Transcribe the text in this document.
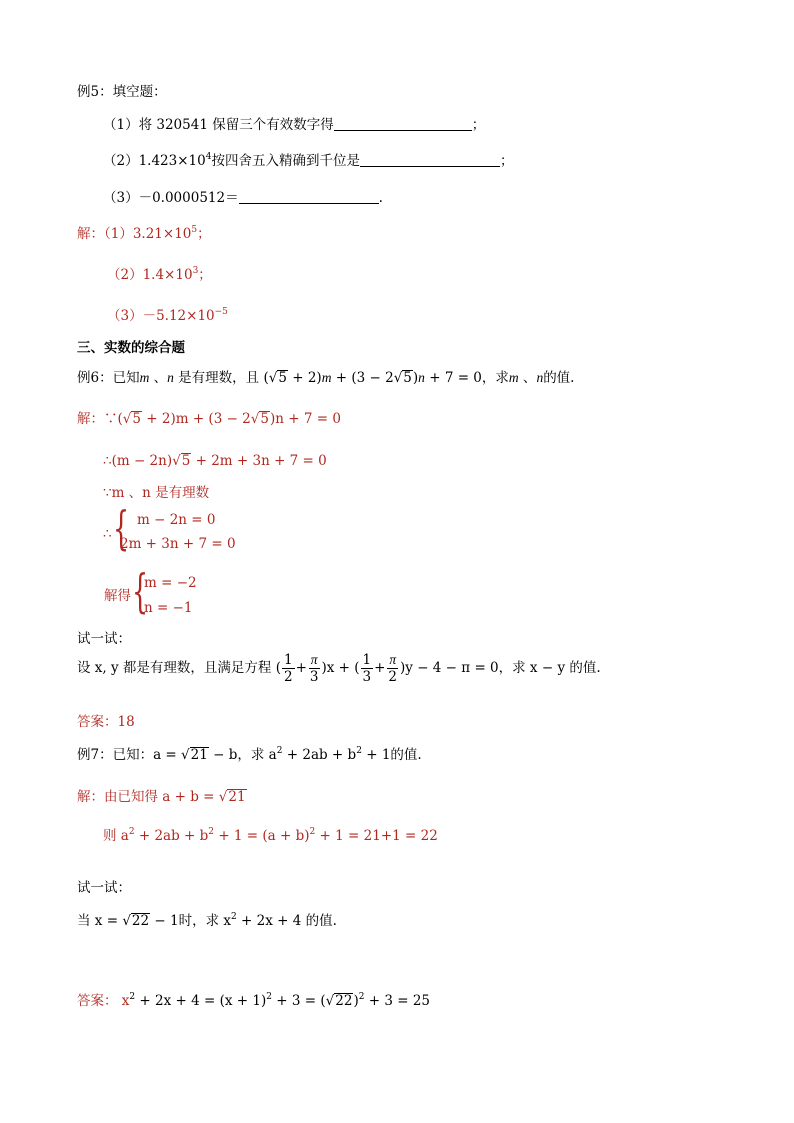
例5：填空题：
（1）将 320541 保留三个有效数字得	；
$(2)1.423\times 10^4$按四舍五入精确到千位是	；
（3）－0.0000512＝	.
解：$(1)3.21\times 10^5$；
$(2)1.4\times 10^3$；
$(3)-5.12\times 10^{-5}$
三、实数的综合题
例6：已知m 、n 是有理数，且 (√5 + 2)m + (3 − 2√5)n + 7 = 0，求m 、n的值.
解：∵(√5 + 2)m + (3 − 2√5)n + 7 = 0
∴(m − 2n)√5 + 2m + 3n + 7 = 0
∵m 、n 是有理数
∴ { m − 2n = 0
2m + 3n + 7 = 0
解得 {
m = −2
n = −1
试一试：
设 x, y 都是有理数，且满足方程 ( $\frac{1}{2} + \frac{\pi}{3} )x$ + ( $\frac{1}{3} + \frac{\pi}{2} )y - 4 - \pi = 0$，求 x − y 的值.
答案：18
例7：已知：a = √21 − b，求 $a^2 + 2ab + b^2 + 1$的值.
解：由已知得 a + b = √21
则 $a^2 + 2ab + b^2 + 1 = (a + b)^2 + 1 = 21+1 = 22$
试一试：
当 x = √22 − 1时，求 $x^2 + 2x + 4$ 的值.
答案： $x^2 + 2x + 4 = (x + 1)^2 + 3 = (√22)^2 + 3 = 25$
